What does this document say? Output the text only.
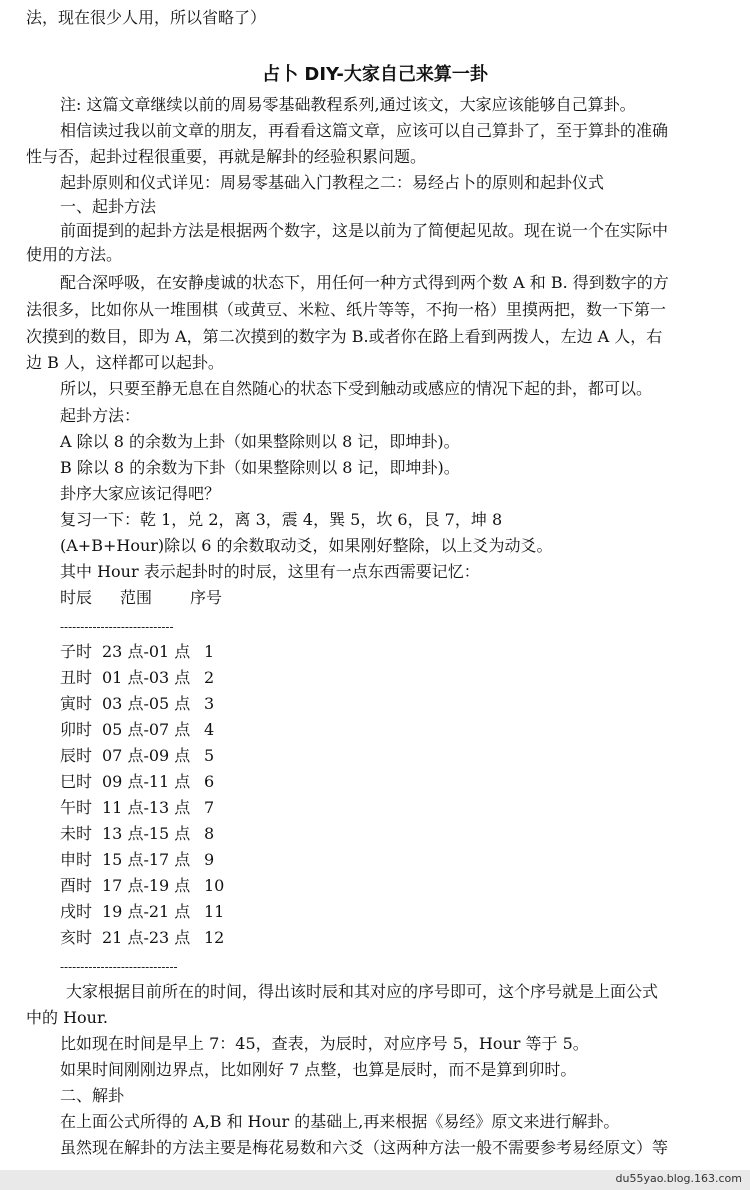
法，现在很少人用，所以省略了）
占卜 DIY-大家自己来算一卦
注: 这篇文章继续以前的周易零基础教程系列,通过该文，大家应该能够自己算卦。
相信读过我以前文章的朋友，再看看这篇文章，应该可以自己算卦了，至于算卦的准确
性与否，起卦过程很重要，再就是解卦的经验积累问题。
起卦原则和仪式详见：周易零基础入门教程之二：易经占卜的原则和起卦仪式
一、起卦方法
前面提到的起卦方法是根据两个数字，这是以前为了简便起见故。现在说一个在实际中
使用的方法。
配合深呼吸，在安静虔诚的状态下，用任何一种方式得到两个数 A 和 B. 得到数字的方
法很多，比如你从一堆围棋（或黄豆、米粒、纸片等等，不拘一格）里摸两把，数一下第一
次摸到的数目，即为 A，第二次摸到的数字为 B.或者你在路上看到两拨人，左边 A 人，右
边 B 人，这样都可以起卦。
所以，只要至静无息在自然随心的状态下受到触动或感应的情况下起的卦，都可以。
起卦方法：
A 除以 8 的余数为上卦（如果整除则以 8 记，即坤卦)。
B 除以 8 的余数为下卦（如果整除则以 8 记，即坤卦)。
卦序大家应该记得吧？
复习一下：乾 1，兑 2，离 3，震 4，巽 5，坎 6，艮 7，坤 8
(A+B+Hour)除以 6 的余数取动爻，如果刚好整除，以上爻为动爻。
其中 Hour 表示起卦时的时辰，这里有一点东西需要记忆：
时辰 范围 序号
----------------------------
子时 23 点-01 点 1
丑时 01 点-03 点 2
寅时 03 点-05 点 3
卯时 05 点-07 点 4
辰时 07 点-09 点 5
巳时 09 点-11 点 6
午时 11 点-13 点 7
未时 13 点-15 点 8
申时 15 点-17 点 9
酉时 17 点-19 点 10
戌时 19 点-21 点 11
亥时 21 点-23 点 12
-----------------------------
大家根据目前所在的时间，得出该时辰和其对应的序号即可，这个序号就是上面公式
中的 Hour.
比如现在时间是早上 7：45，查表，为辰时，对应序号 5，Hour 等于 5。
如果时间刚刚边界点，比如刚好 7 点整，也算是辰时，而不是算到卯时。
二、解卦
在上面公式所得的 A,B 和 Hour 的基础上,再来根据《易经》原文来进行解卦。
虽然现在解卦的方法主要是梅花易数和六爻（这两种方法一般不需要参考易经原文）等
du55yao.blog.163.com
